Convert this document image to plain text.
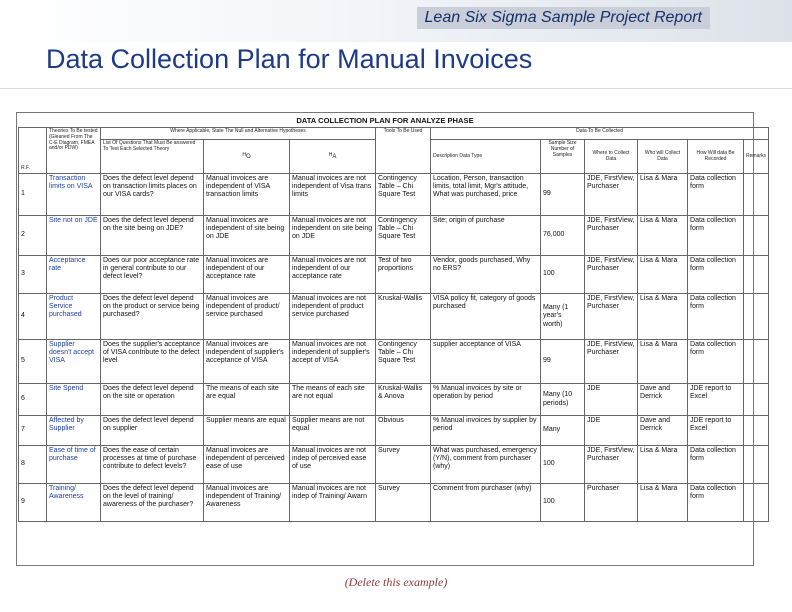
Lean Six Sigma Sample Project Report
Data Collection Plan for Manual Invoices
DATA COLLECTION PLAN FOR ANALYZE PHASE
R.F.	Theories To Be tested (Gleaned From The C-E Diagram, FMEA and/or PDW)	Where Applicable, State The Null and Alternative Hypotheses			Tools To Be Used	Data To Be Collected					
		List Of Questions That Must Be answered To Test Each Selected Theory	$H_O$	$H_A$		Description Data Type	Sample Size Number of Samples	Where to Collect Data	Who will Collect Data	How Will data Be Recorded	Remarks
1	Transaction limits on VISA	Does the defect level depend on transaction limits places on our VISA cards?	Manual invoices are independent of VISA transaction limits	Manual invoices are not independent of Visa trans limits	Contingency Table – Chi Square Test	Location, Person, transaction limits, total limit, Mgr's attitude, What was purchased, price	99	JDE, FirstView, Purchaser	Lisa & Mara	Data collection form	
2	Site not on JDE	Does the defect level depend on the site being on JDE?	Manual invoices are independent of site being on JDE	Manual invoices are not independent on site being on JDE	Contingency Table – Chi Square Test	Site; origin of purchase	76,000	JDE, FirstView, Purchaser	Lisa & Mara	Data collection form	
3	Acceptance rate	Does our poor acceptance rate in general contribute to our defect level?	Manual invoices are independent of our acceptance rate	Manual invoices are not independent of our acceptance rate	Test of two proportions	Vendor, goods purchased, Why no ERS?	100	JDE, FirstView, Purchaser	Lisa & Mara	Data collection form	
4	Product Service purchased	Does the defect level depend on the product or service being purchased?	Manual invoices are independent of product/ service purchased	Manual invoices are not independent of product service purchased	Kruskal-Wallis	VISA policy fit, category of goods purchased	Many (1 year's worth)	JDE, FirstView, Purchaser	Lisa & Mara	Data collection form	
5	Supplier doesn't accept VISA	Does the supplier's acceptance of VISA contribute to the defect level	Manual invoices are independent of supplier's acceptance of VISA	Manual invoices are not independent of supplier's accept of VISA	Contingency Table – Chi Square Test	supplier acceptance of VISA	99	JDE, FirstView, Purchaser	Lisa & Mara	Data collection form	
6	Site Spend	Does the defect level depend on the site or operation	The means of each site are equal	The means of each site are not equal	Kruskal-Wallis & Anova	% Manual invoices by site or operation by period	Many (10 periods)	JDE	Dave and Derrick	JDE report to Excel	
7	Affected by Supplier	Does the defect level depend on supplier	Supplier means are equal	Supplier means are not equal	Obvious	% Manual invoices by supplier by period	Many	JDE	Dave and Derrick	JDE report to Excel	
8	Ease of time of purchase	Does the ease of certain processes at time of purchase contribute to defect levels?	Manual invoices are independent of perceived ease of use	Manual invoices are not indep of perceived ease of use	Survey	What was purchased, emergency (Y/N), comment from purchaser (why)	100	JDE, FirstView, Purchaser	Lisa & Mara	Data collection form	
9	Training/ Awareness	Does the defect level depend on the level of training/ awareness of the purchaser?	Manual invoices are independent of Training/ Awareness	Manual invoices are not indep of Training/ Awarn	Survey	Comment from purchaser (why)	100	Purchaser	Lisa & Mara	Data collection form	
(Delete this example)
